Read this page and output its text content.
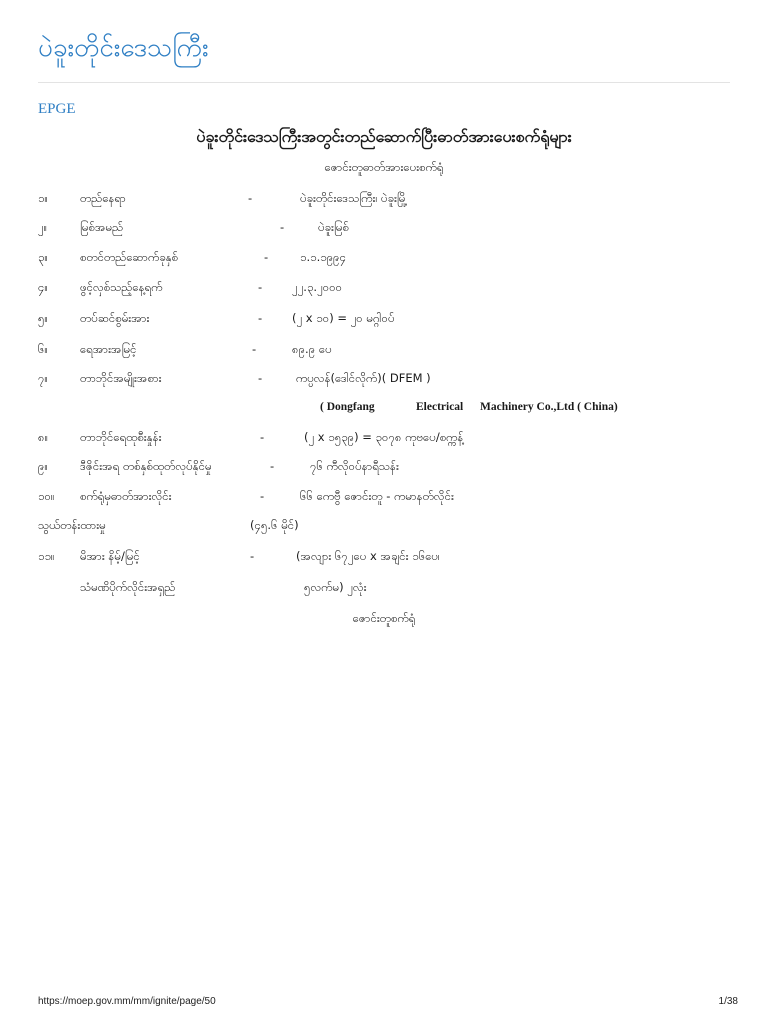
ပဲခူးတိုင်းဒေသကြီး
EPGE
ပဲခူးတိုင်းဒေသကြီးအတွင်းတည်ဆောက်ပြီးဓာတ်အားပေးစက်ရုံများ
ဇောင်းတူဓာတ်အားပေးစက်ရုံ
၁။	တည်နေရာ	-	ပဲခူးတိုင်းဒေသကြီး၊ ပဲခူးမြို့
၂။	မြစ်အမည်	-	ပဲခူးမြစ်
၃။	စတင်တည်ဆောက်ခုနှစ်	-	၁.၁.၁၉၉၄
၄။	ဖွင့်လှစ်သည့်နေ့ရက်	-	၂၂.၃.၂၀၀၀
၅။	တပ်ဆင်စွမ်းအား	-	(၂ x ၁၀) = ၂၀ မဂ္ဂါဝပ်
၆။	ရေအားအမြင့်	-	၈၉.၉ ပေ
၇။	တာဘိုင်အမျိုးအစား	-	ကပ္ပလန်(ဒေါင်လိုက်)( DFEM )
( Dongfang	Electrical Machinery Co.,Ltd ( China)
၈။	တာဘိုင်ရေထုစီးနှုန်း	-	(၂ x ၁၅၃၉) = ၃၀၇၈ ကုဗပေ/စက္ကန့်
၉။	ဒီဇိုင်းအရ တစ်နှစ်ထုတ်လုပ်နိုင်မှု	-	၇၆ ကီလိုဝပ်နာရီသန်း
၁၀။ စက်ရုံမှဓာတ်အားလိုင်း	-	၆၆ ကေဗွီ ဇောင်းတူ - ကမာနတ်လိုင်း
သွယ်တန်းထားမှု	(၄၅.၆ မိုင်)
၁၁။ မိအား နိမ့်/မြင့်	-	(အလျား ၆၇၂ပေ x အချင်း ၁၆ပေ၊
သံမဏိပိုက်လိုင်းအရှည်	၅လက်မ) ၂လုံး
ဇောင်းတူစက်ရုံ
https://moep.gov.mm/mm/ignite/page/50	1/38
